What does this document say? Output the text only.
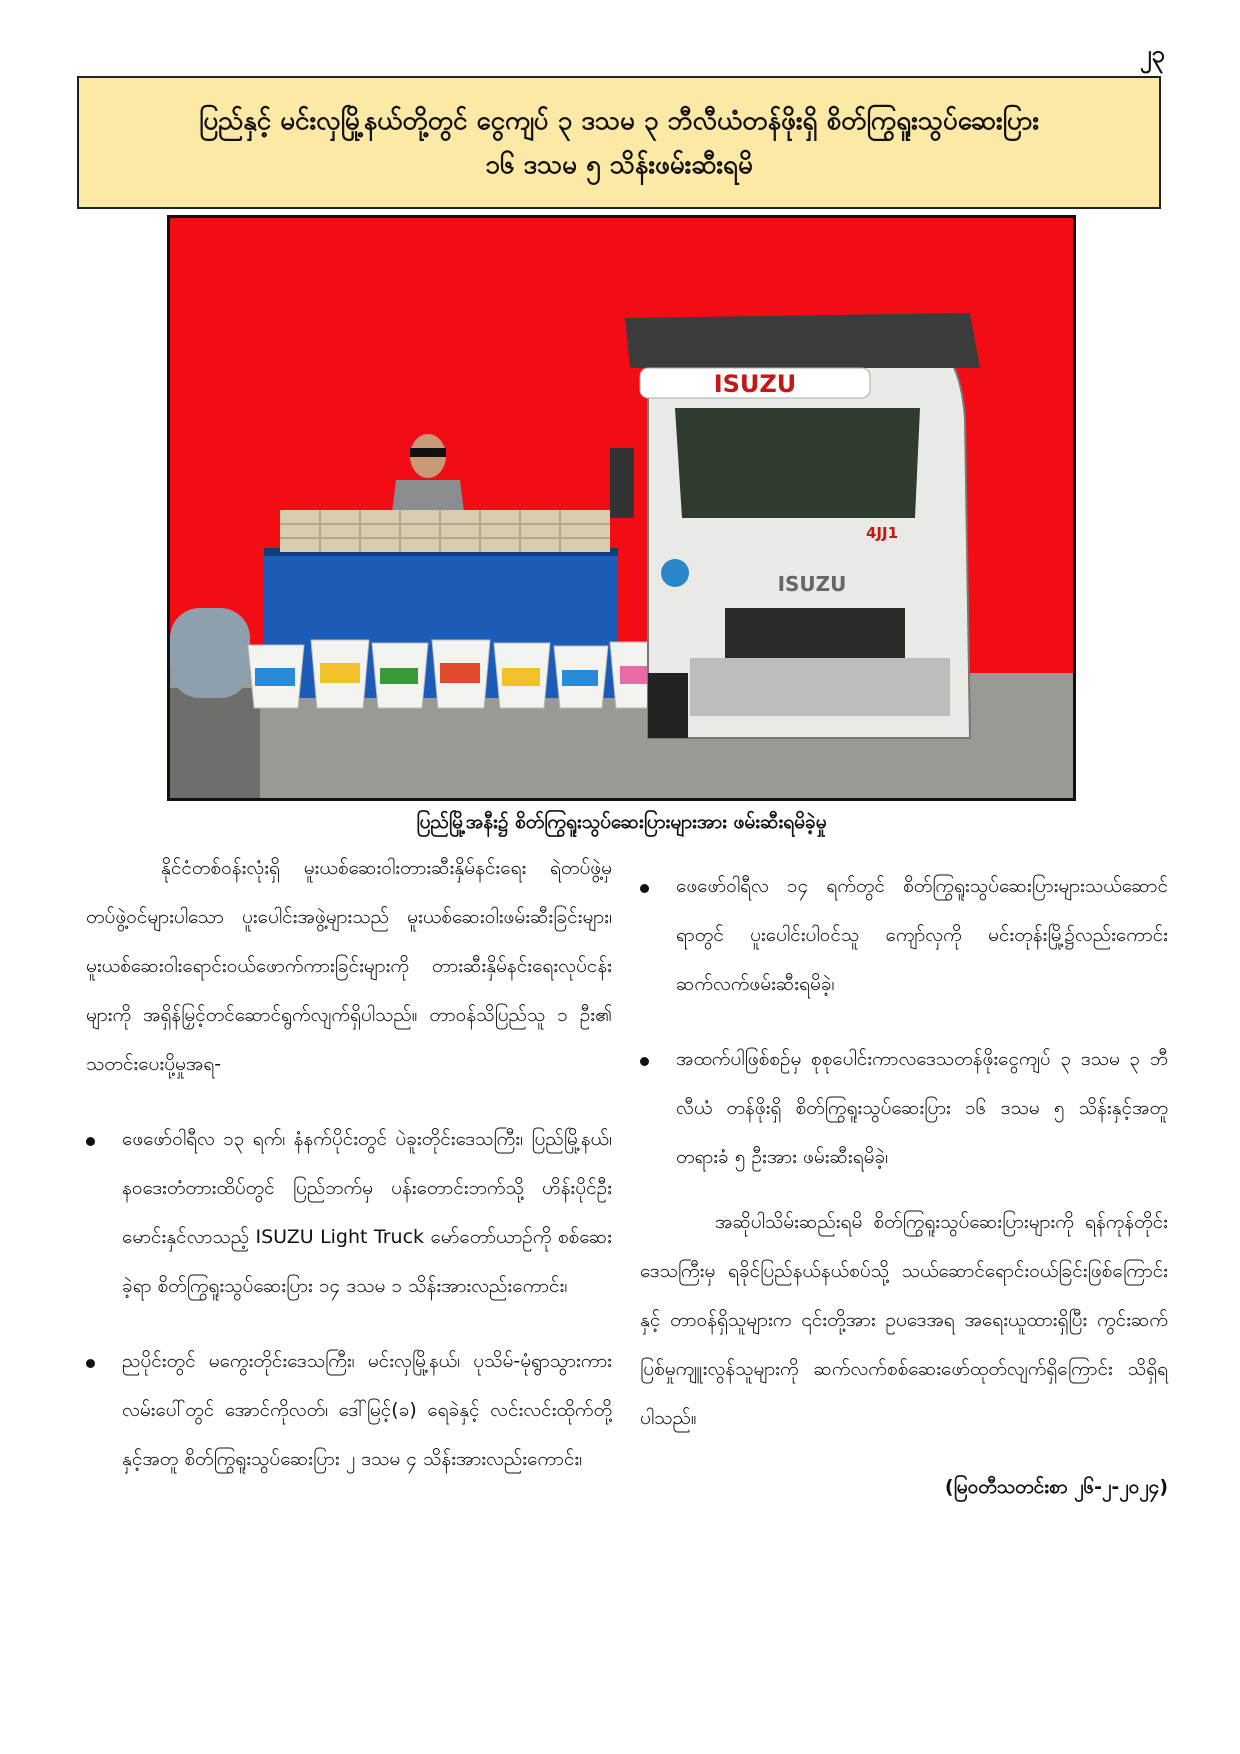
၂၃
ပြည်နှင့် မင်းလှမြို့နယ်တို့တွင် ငွေကျပ် ၃ ဒသမ ၃ ဘီလီယံတန်ဖိုးရှိ စိတ်ကြွရူးသွပ်ဆေးပြား
၁၆ ဒသမ ၅ သိန်းဖမ်းဆီးရမိ
ISUZU
4JJ1
ISUZU
ပြည်မြို့အနီး၌ စိတ်ကြွရူးသွပ်ဆေးပြားများအား ဖမ်းဆီးရမိခဲ့မှု

နိုင်ငံတစ်ဝန်းလုံးရှိ မူးယစ်ဆေးဝါးတားဆီးနှိမ်နင်းရေး ရဲတပ်ဖွဲ့မှ တပ်ဖွဲ့ဝင်များပါသော ပူးပေါင်းအဖွဲ့များသည် မူးယစ်ဆေးဝါးဖမ်းဆီးခြင်းများ၊ မူးယစ်ဆေးဝါးရောင်းဝယ်ဖောက်ကားခြင်းများကို တားဆီးနှိမ်နင်းရေးလုပ်ငန်းများကို အရှိန်မြှင့်တင်ဆောင်ရွက်လျက်ရှိပါသည်။ တာဝန်သိပြည်သူ ၁ ဦး၏ သတင်းပေးပို့မှုအရ-

ဖေဖော်ဝါရီလ ၁၃ ရက်၊ နံနက်ပိုင်းတွင် ပဲခူးတိုင်းဒေသကြီး၊ ပြည်မြို့နယ်၊ န၀ဒေးတံတားထိပ်တွင် ပြည်ဘက်မှ ပန်းတောင်းဘက်သို့ ဟိန်းပိုင်ဦး မောင်းနှင်လာသည့် ISUZU Light Truck မော်တော်ယာဉ်ကို စစ်ဆေးခဲ့ရာ စိတ်ကြွရူးသွပ်ဆေးပြား ၁၄ ဒသမ ၁ သိန်းအားလည်းကောင်း၊
ညပိုင်းတွင် မကွေးတိုင်းဒေသကြီး၊ မင်းလှမြို့နယ်၊ ပုသိမ်-မုံရွာသွားကားလမ်းပေါ်တွင် အောင်ကိုလတ်၊ ဒေါ်မြင့်(ခ) ရေခဲနှင့် လင်းလင်းထိုက်တို့နှင့်အတူ စိတ်ကြွရူးသွပ်ဆေးပြား ၂ ဒသမ ၄ သိန်းအားလည်းကောင်း၊
ဖေဖော်ဝါရီလ ၁၄ ရက်တွင် စိတ်ကြွရူးသွပ်ဆေးပြားများသယ်ဆောင်ရာတွင် ပူးပေါင်းပါဝင်သူ ကျော်လှကို မင်းတုန်းမြို့၌လည်းကောင်း ဆက်လက်ဖမ်းဆီးရမိခဲ့၊
အထက်ပါဖြစ်စဉ်မှ စုစုပေါင်းကာလဒေသတန်ဖိုးငွေကျပ် ၃ ဒသမ ၃ ဘီလီယံ တန်ဖိုးရှိ စိတ်ကြွရူးသွပ်ဆေးပြား ၁၆ ဒသမ ၅ သိန်းနှင့်အတူ တရားခံ ၅ ဦးအား ဖမ်းဆီးရမိခဲ့၊

အဆိုပါသိမ်းဆည်းရမိ စိတ်ကြွရူးသွပ်ဆေးပြားများကို ရန်ကုန်တိုင်းဒေသကြီးမှ ရခိုင်ပြည်နယ်နယ်စပ်သို့ သယ်ဆောင်ရောင်းဝယ်ခြင်းဖြစ်ကြောင်းနှင့် တာဝန်ရှိသူများက ၎င်းတို့အား ဥပဒေအရ အရေးယူထားရှိပြီး ကွင်းဆက်ပြစ်မှုကျူးလွန်သူများကို ဆက်လက်စစ်ဆေးဖော်ထုတ်လျက်ရှိကြောင်း သိရှိရပါသည်။

(မြဝတီသတင်းစာ ၂၆-၂-၂၀၂၄)
